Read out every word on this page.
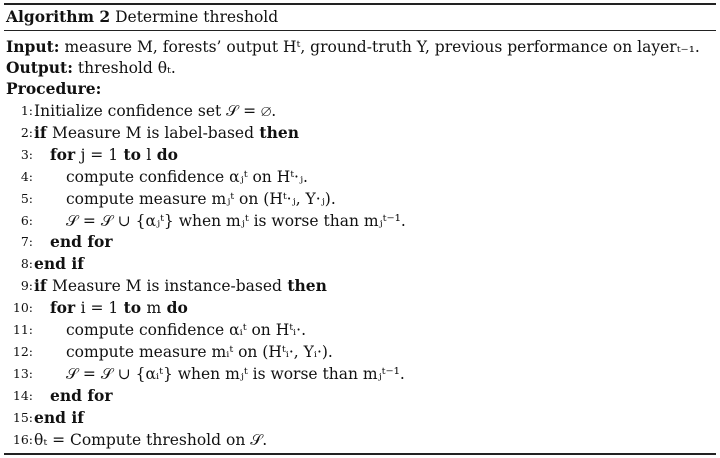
Algorithm 2 Determine threshold
Input: measure M, forests’ output Hᵗ, ground-truth Y, previous performance on layerₜ₋₁.
Output: threshold θₜ.
Procedure:
1: Initialize confidence set 𝒮 = ∅.
2: if Measure M is label-based then
3: for j = 1 to l do
4: compute confidence αⱼᵗ on Hᵗ·ⱼ.
5: compute measure mⱼᵗ on (Hᵗ·ⱼ, Y·ⱼ).
6: 𝒮 = 𝒮 ∪ {αⱼᵗ} when mⱼᵗ is worse than mⱼᵗ⁻¹.
7: end for
8: end if
9: if Measure M is instance-based then
10: for i = 1 to m do
11: compute confidence αᵢᵗ on Hᵗᵢ·.
12: compute measure mᵢᵗ on (Hᵗᵢ·, Yᵢ·).
13: 𝒮 = 𝒮 ∪ {αᵢᵗ} when mⱼᵗ is worse than mⱼᵗ⁻¹.
14: end for
15: end if
16: θₜ = Compute threshold on 𝒮.
